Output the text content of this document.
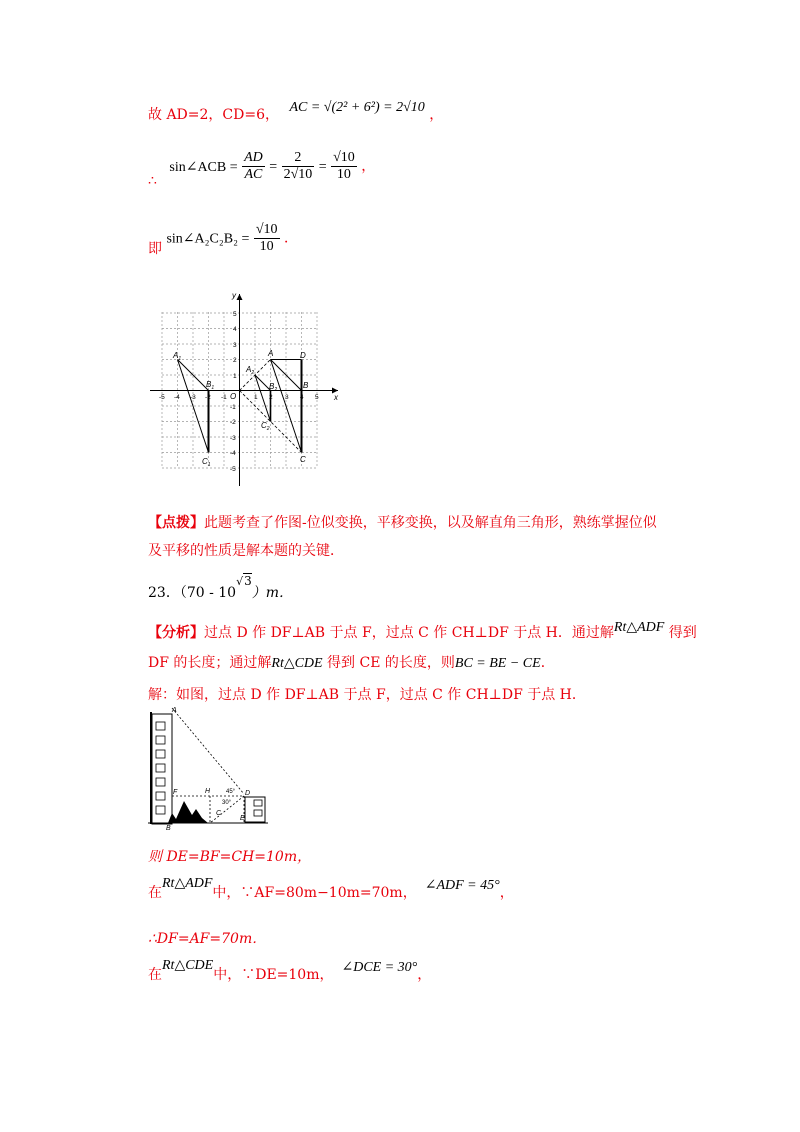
故 AD=2，CD=6， AC = √(2² + 6²) = 2√10 ，
∴ sin∠ACB = $\frac{AD}{AC} = \frac{2}{2√10} = \frac{√10}{10}$ ，
即 sin∠A₂C₂B₂ = $\frac{√10}{10}$ ．
x
y
O
-5 -4 -3 -2 -1	1 2 3 4 5
5
4
3
2
1
-1
-2
-3
-4
-5
$A_1$
$B_1$
$C_1$
A	D
B
C
$A_2$
$B_2$
$C_2$
【点拨】此题考查了作图-位似变换，平移变换，以及解直角三角形，熟练掌握位似
及平移的性质是解本题的关键．
23．（70 - 10√3）m．
【分析】过点 D 作 DF⊥AB 于点 F，过点 C 作 CH⊥DF 于点 H．通过解Rt△ADF 得到
DF 的长度；通过解Rt△CDE 得到 CE 的长度，则BC = BE − CE．
解：如图，过点 D 作 DF⊥AB 于点 F，过点 C 作 CH⊥DF 于点 H．
A
F	H	D
C
B
E
45°
30°
则 DE=BF=CH=10m，
在Rt△ADF中，∵AF=80m−10m=70m， ∠ADF = 45°，
∴DF=AF=70m．
在Rt△CDE中，∵DE=10m， ∠DCE = 30°，
